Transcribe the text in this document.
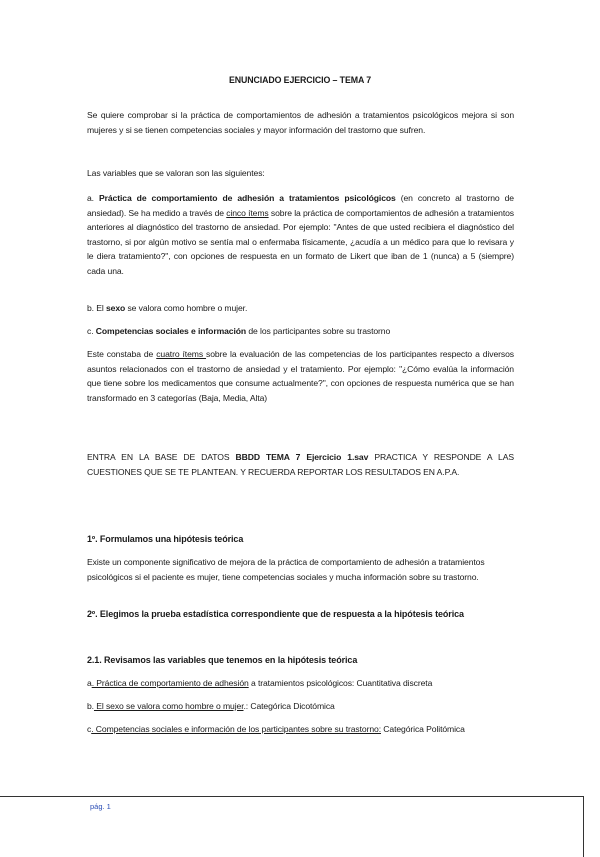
ENUNCIADO EJERCICIO – TEMA 7

Se quiere comprobar si la práctica de comportamientos de adhesión a tratamientos psicológicos mejora si son mujeres y si se tienen competencias sociales y mayor información del trastorno que sufren.

Las variables que se valoran son las siguientes:

a. Práctica de comportamiento de adhesión a tratamientos psicológicos (en concreto al trastorno de ansiedad). Se ha medido a través de cinco ítems sobre la práctica de comportamientos de adhesión a tratamientos anteriores al diagnóstico del trastorno de ansiedad. Por ejemplo: "Antes de que usted recibiera el diagnóstico del trastorno, si por algún motivo se sentía mal o enfermaba físicamente, ¿acudía a un médico para que lo revisara y le diera tratamiento?", con opciones de respuesta en un formato de Likert que iban de 1 (nunca) a 5 (siempre) cada una.

b. El sexo se valora como hombre o mujer.

c. Competencias sociales e información de los participantes sobre su trastorno

Este constaba de cuatro ítems sobre la evaluación de las competencias de los participantes respecto a diversos asuntos relacionados con el trastorno de ansiedad y el tratamiento. Por ejemplo: "¿Cómo evalúa la información que tiene sobre los medicamentos que consume actualmente?", con opciones de respuesta numérica que se han transformado en 3 categorías (Baja, Media, Alta)

ENTRA EN LA BASE DE DATOS BBDD TEMA 7 Ejercicio 1.sav PRACTICA Y RESPONDE A LAS CUESTIONES QUE SE TE PLANTEAN. Y RECUERDA REPORTAR LOS RESULTADOS EN A.P.A.

1º. Formulamos una hipótesis teórica

Existe un componente significativo de mejora de la práctica de comportamiento de adhesión a tratamientos psicológicos si el paciente es mujer, tiene competencias sociales y mucha información sobre su trastorno.

2º. Elegimos la prueba estadística correspondiente que de respuesta a la hipótesis teórica

2.1. Revisamos las variables que tenemos en la hipótesis teórica

a. Práctica de comportamiento de adhesión a tratamientos psicológicos: Cuantitativa discreta

b. El sexo se valora como hombre o mujer.: Categórica Dicotómica

c. Competencias sociales e información de los participantes sobre su trastorno: Categórica Politómica

pág. 1
